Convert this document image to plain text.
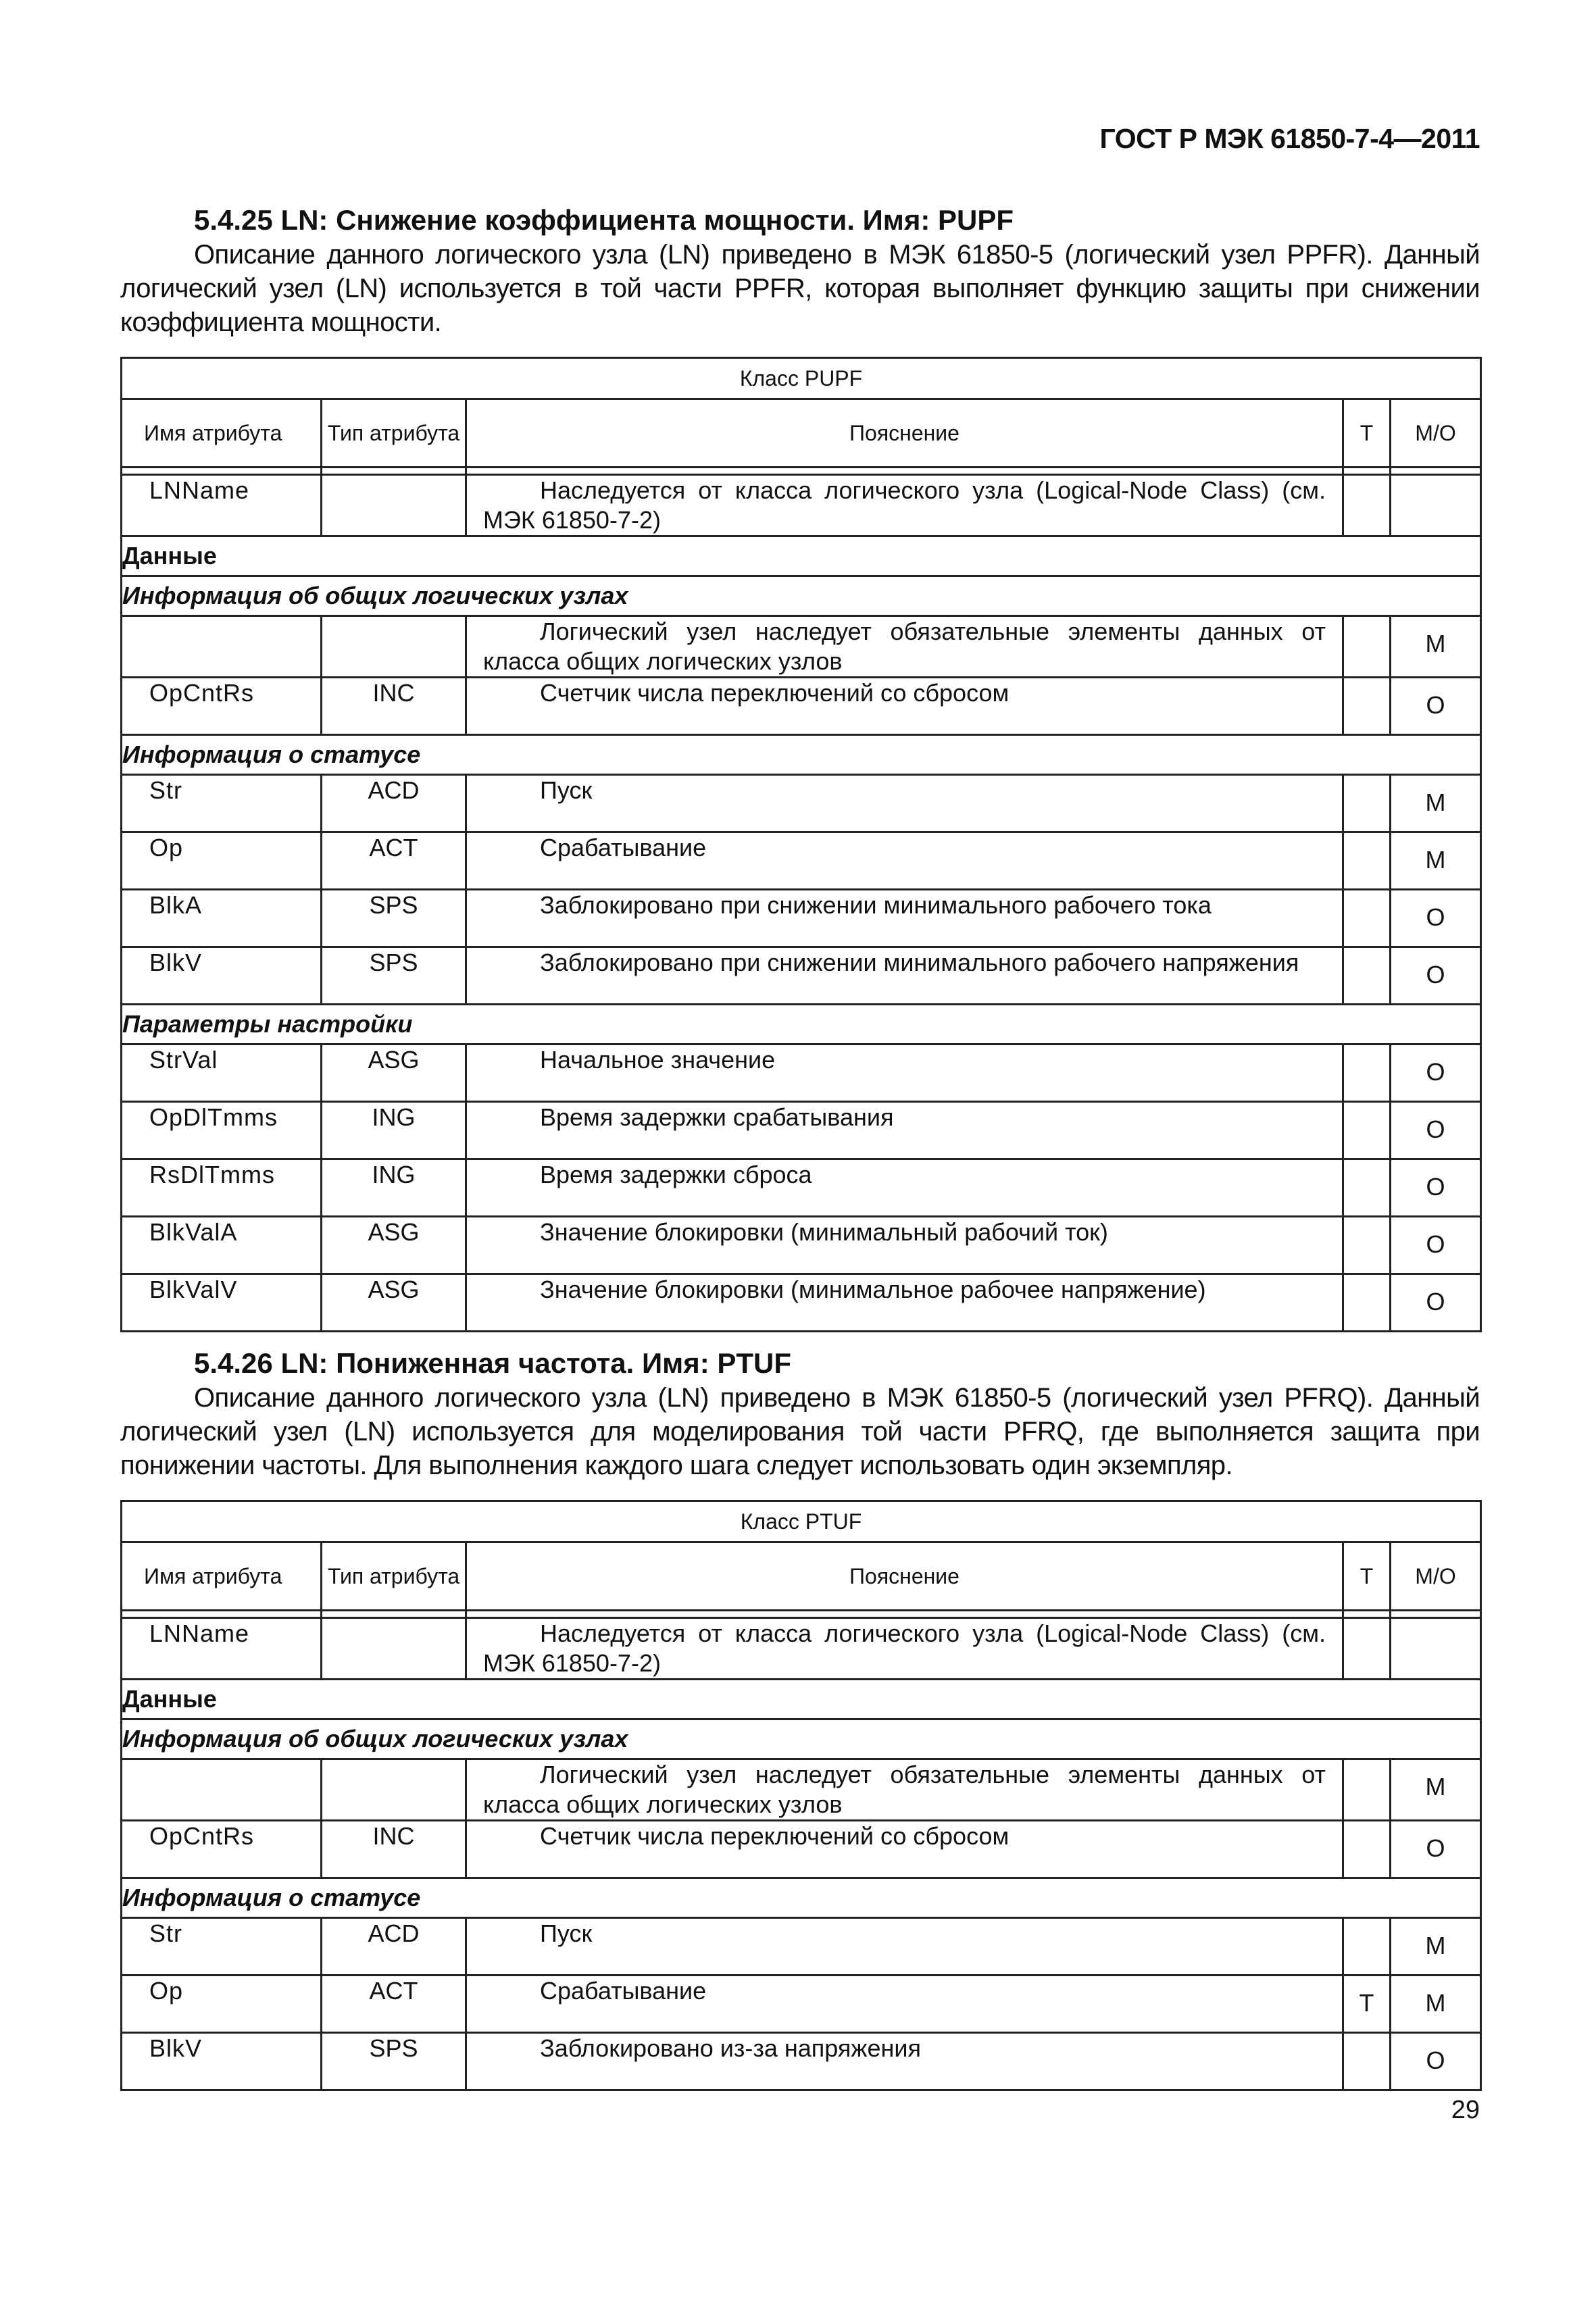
ГОСТ Р МЭК 61850-7-4—2011

5.4.25 LN: Снижение коэффициента мощности. Имя: PUPF

Описание данного логического узла (LN) приведено в МЭК 61850-5 (логический узел PPFR). Данный логический узел (LN) используется в той части PPFR, которая выполняет функцию защиты при снижении коэффициента мощности.

Класс PUPF				
Имя атрибута	Тип атрибута	Пояснение	T	M/O

LNName		Наследуется от класса логического узла (Logical-Node Class) (см. МЭК 61850-7-2)		

Данные				
Информация об общих логических узлах				

		Логический узел наследует обязательные элементы данных от класса общих логических узлов		M
OpCntRs	INC	Счетчик числа переключений со сбросом		O
Информация о статусе				
Str	ACD	Пуск		M
Op	ACT	Срабатывание		M
BlkA	SPS	Заблокировано при снижении минимального рабочего тока		O
BlkV	SPS	Заблокировано при снижении минимального рабочего напряжения		O
Параметры настройки				
StrVal	ASG	Начальное значение		O
OpDlTmms	ING	Время задержки срабатывания		O
RsDlTmms	ING	Время задержки сброса		O
BlkValA	ASG	Значение блокировки (минимальный рабочий ток)		O
BlkValV	ASG	Значение блокировки (минимальное рабочее напряжение)		O

5.4.26 LN: Пониженная частота. Имя: PTUF

Описание данного логического узла (LN) приведено в МЭК 61850-5 (логический узел PFRQ). Данный логический узел (LN) используется для моделирования той части PFRQ, где выполняется защита при понижении частоты. Для выполнения каждого шага следует использовать один экземпляр.

Класс PTUF				
Имя атрибута	Тип атрибута	Пояснение	T	M/O

LNName		Наследуется от класса логического узла (Logical-Node Class) (см. МЭК 61850-7-2)		

Данные				
Информация об общих логических узлах				

		Логический узел наследует обязательные элементы данных от класса общих логических узлов		M
OpCntRs	INC	Счетчик числа переключений со сбросом		O
Информация о статусе				
Str	ACD	Пуск		M
Op	ACT	Срабатывание	T	M
BlkV	SPS	Заблокировано из-за напряжения		O
29
